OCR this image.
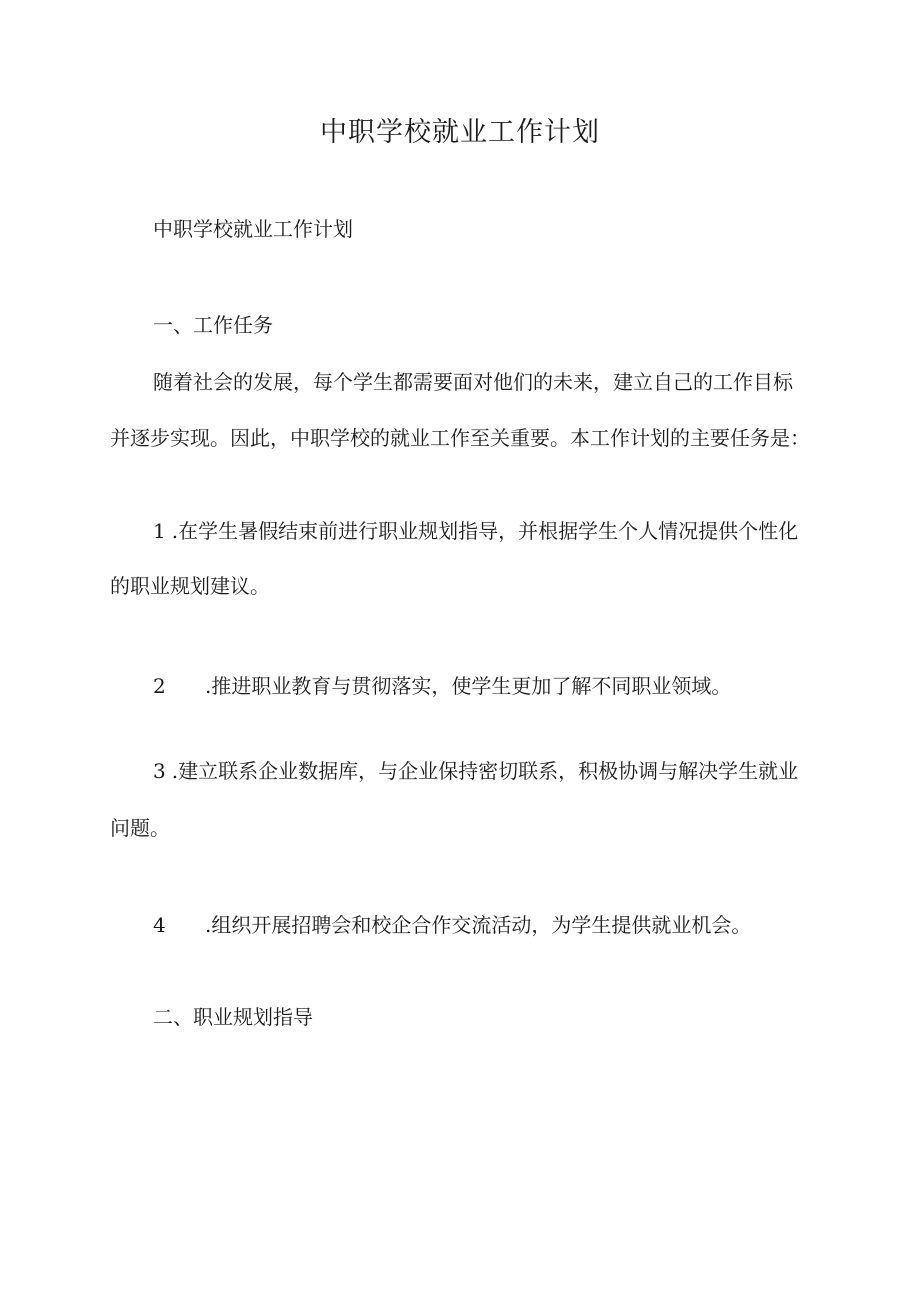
中职学校就业工作计划
中职学校就业工作计划
一、工作任务
随着社会的发展，每个学生都需要面对他们的未来，建立自己的工作目标
并逐步实现。因此，中职学校的就业工作至关重要。本工作计划的主要任务是：
1 .在学生暑假结束前进行职业规划指导，并根据学生个人情况提供个性化
的职业规划建议。
2 .推进职业教育与贯彻落实，使学生更加了解不同职业领域。
3 .建立联系企业数据库，与企业保持密切联系，积极协调与解决学生就业
问题。
4 .组织开展招聘会和校企合作交流活动，为学生提供就业机会。
二、职业规划指导
